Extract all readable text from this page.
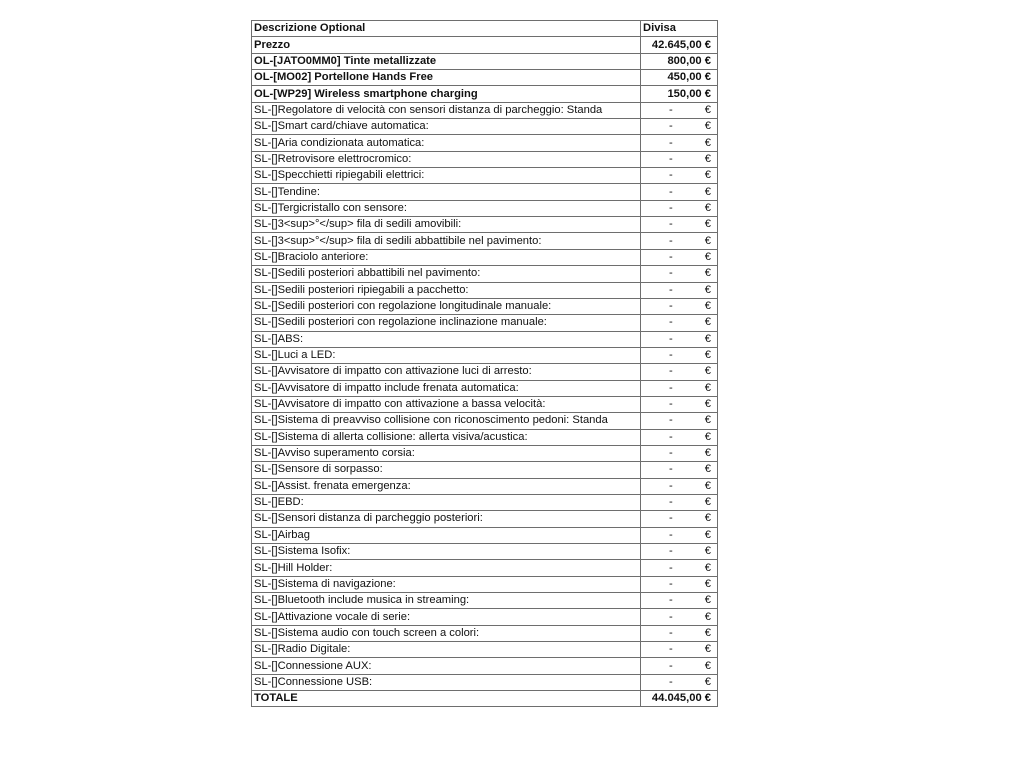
Descrizione Optional	Divisa
Prezzo	42.645,00 €
OL-[JATO0MM0] Tinte metallizzate	800,00 €
OL-[MO02] Portellone Hands Free	450,00 €
OL-[WP29] Wireless smartphone charging	150,00 €
SL-[]Regolatore di velocità con sensori distanza di parcheggio: Standa	- €

SL-[]Smart card/chiave automatica:	- €

SL-[]Aria condizionata automatica:	- €

SL-[]Retrovisore elettrocromico:	- €

SL-[]Specchietti ripiegabili elettrici:	- €

SL-[]Tendine:	- €

SL-[]Tergicristallo con sensore:	- €

SL-[]3<sup>°</sup> fila di sedili amovibili:	- €

SL-[]3<sup>°</sup> fila di sedili abbattibile nel pavimento:	- €

SL-[]Braciolo anteriore:	- €

SL-[]Sedili posteriori abbattibili nel pavimento:	- €

SL-[]Sedili posteriori ripiegabili a pacchetto:	- €

SL-[]Sedili posteriori con regolazione longitudinale manuale:	- €

SL-[]Sedili posteriori con regolazione inclinazione manuale:	- €

SL-[]ABS:	- €

SL-[]Luci a LED:	- €

SL-[]Avvisatore di impatto con attivazione luci di arresto:	- €

SL-[]Avvisatore di impatto include frenata automatica:	- €

SL-[]Avvisatore di impatto con attivazione a bassa velocità:	- €

SL-[]Sistema di preavviso collisione con riconoscimento pedoni: Standa	- €

SL-[]Sistema di allerta collisione: allerta visiva/acustica:	- €

SL-[]Avviso superamento corsia:	- €

SL-[]Sensore di sorpasso:	- €

SL-[]Assist. frenata emergenza:	- €

SL-[]EBD:	- €

SL-[]Sensori distanza di parcheggio posteriori:	- €

SL-[]Airbag	- €

SL-[]Sistema Isofix:	- €

SL-[]Hill Holder:	- €

SL-[]Sistema di navigazione:	- €

SL-[]Bluetooth include musica in streaming:	- €

SL-[]Attivazione vocale di serie:	- €

SL-[]Sistema audio con touch screen a colori:	- €

SL-[]Radio Digitale:	- €

SL-[]Connessione AUX:	- €

SL-[]Connessione USB:	- €

TOTALE	44.045,00 €
